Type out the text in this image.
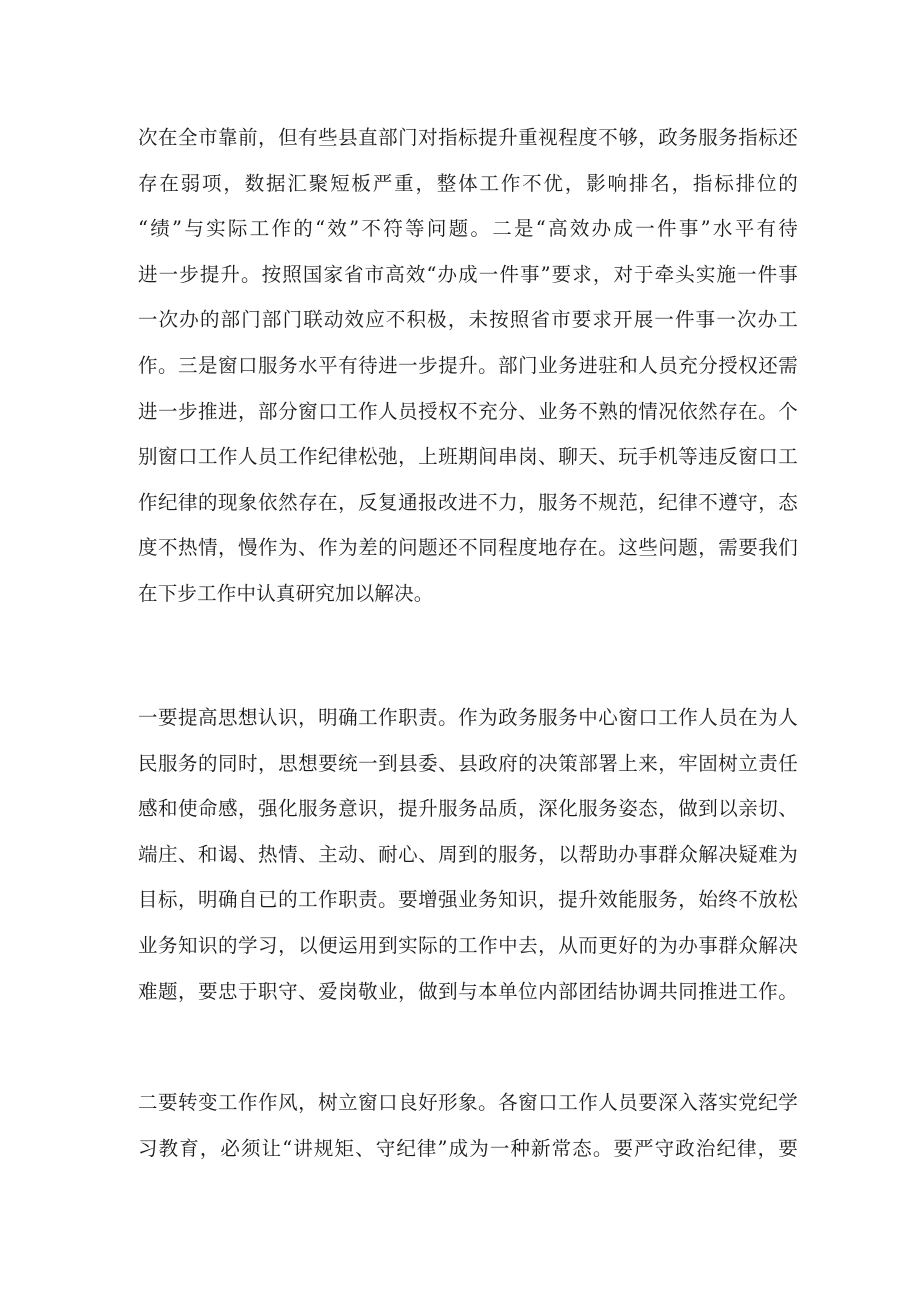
次在全市靠前，但有些县直部门对指标提升重视程度不够，政务服务指标还
存在弱项，数据汇聚短板严重，整体工作不优，影响排名，指标排位的
“绩”与实际工作的“效”不符等问题。二是“高效办成一件事”水平有待
进一步提升。按照国家省市高效“办成一件事”要求，对于牵头实施一件事
一次办的部门部门联动效应不积极，未按照省市要求开展一件事一次办工
作。三是窗口服务水平有待进一步提升。部门业务进驻和人员充分授权还需
进一步推进，部分窗口工作人员授权不充分、业务不熟的情况依然存在。个
别窗口工作人员工作纪律松弛，上班期间串岗、聊天、玩手机等违反窗口工
作纪律的现象依然存在，反复通报改进不力，服务不规范，纪律不遵守，态
度不热情，慢作为、作为差的问题还不同程度地存在。这些问题，需要我们
在下步工作中认真研究加以解决。
一要提高思想认识，明确工作职责。作为政务服务中心窗口工作人员在为人
民服务的同时，思想要统一到县委、县政府的决策部署上来，牢固树立责任
感和使命感，强化服务意识，提升服务品质，深化服务姿态，做到以亲切、
端庄、和谒、热情、主动、耐心、周到的服务，以帮助办事群众解决疑难为
目标，明确自已的工作职责。要增强业务知识，提升效能服务，始终不放松
业务知识的学习，以便运用到实际的工作中去，从而更好的为办事群众解决
难题，要忠于职守、爱岗敬业，做到与本单位内部团结协调共同推进工作。
二要转变工作作风，树立窗口良好形象。各窗口工作人员要深入落实党纪学
习教育，必须让“讲规矩、守纪律”成为一种新常态。要严守政治纪律，要
